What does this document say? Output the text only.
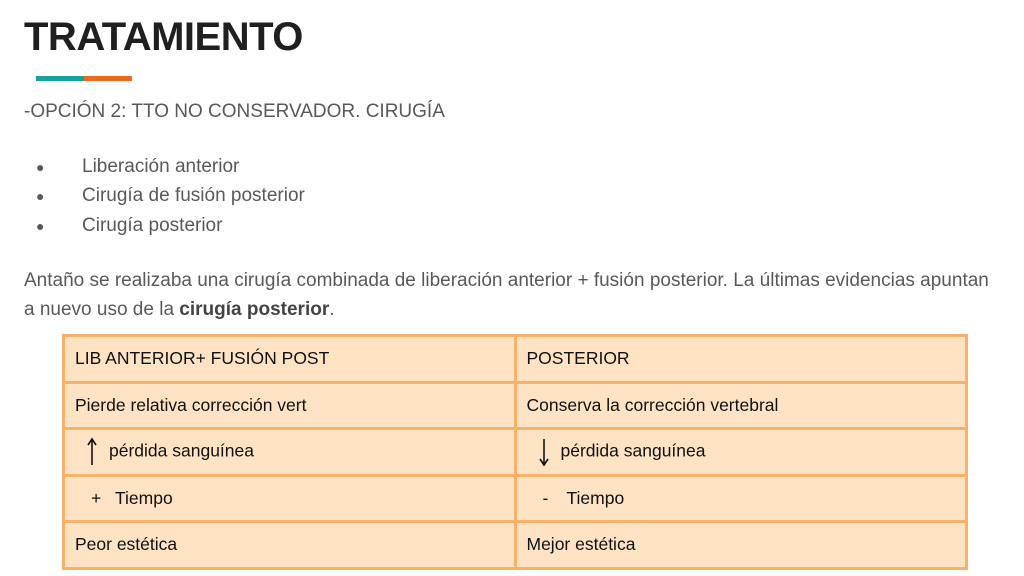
TRATAMIENTO
-OPCIÓN 2: TTO NO CONSERVADOR. CIRUGÍA
●	Liberación anterior
●	Cirugía de fusión posterior
●	Cirugía posterior

Antaño se realizaba una cirugía combinada de liberación anterior + fusión posterior. La últimas evidencias apuntan a nuevo uso de la cirugía posterior.

LIB ANTERIOR+ FUSIÓN POST	POSTERIOR
Pierde relativa corrección vert	Conserva la corrección vertebral
pérdida sanguínea	pérdida sanguínea
+ Tiempo	- Tiempo
Peor estética	Mejor estética
